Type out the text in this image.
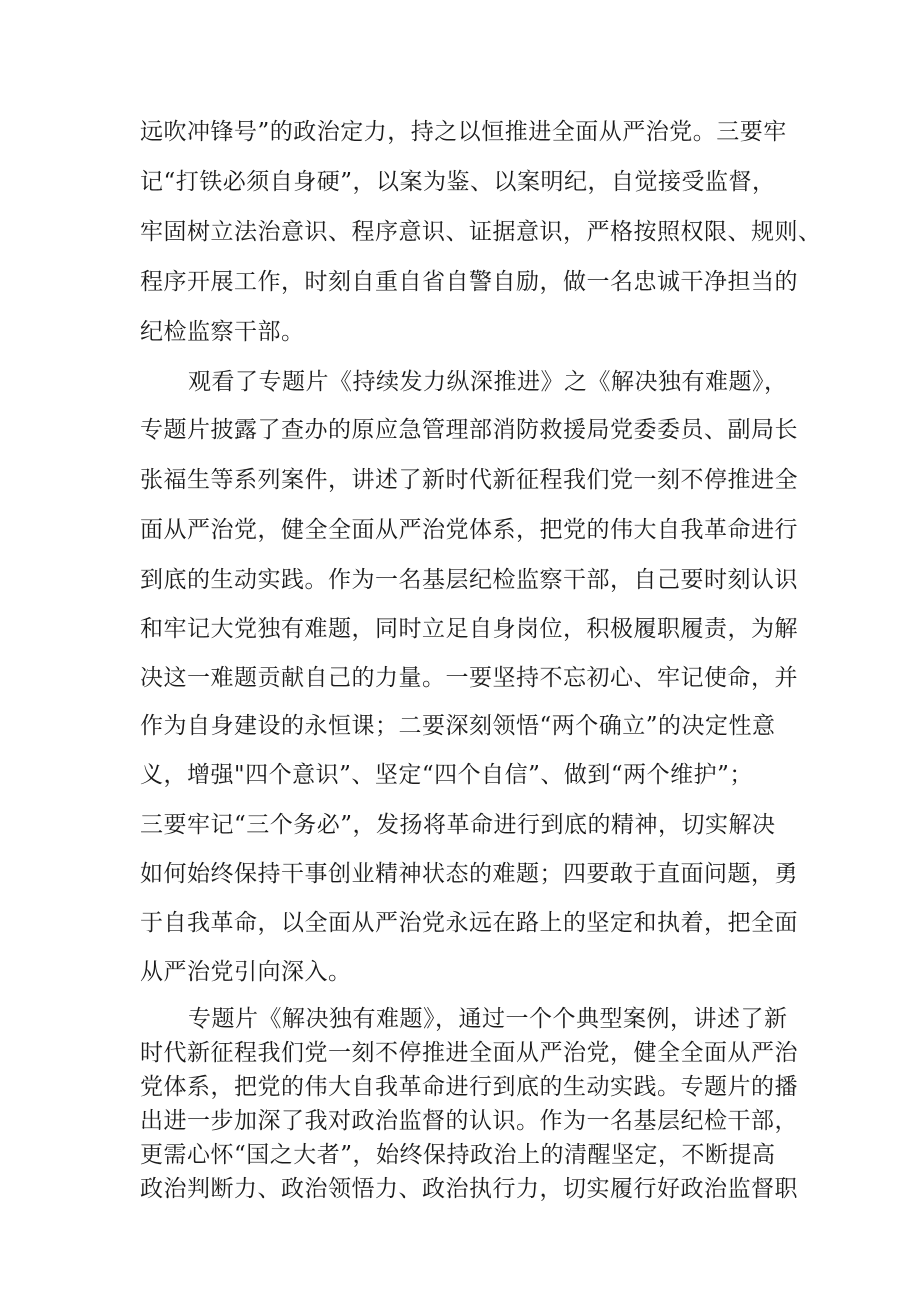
远吹冲锋号”的政治定力，持之以恒推进全面从严治党。三要牢
记“打铁必须自身硬”，以案为鉴、以案明纪，自觉接受监督，
牢固树立法治意识、程序意识、证据意识，严格按照权限、规则、
程序开展工作，时刻自重自省自警自励，做一名忠诚干净担当的
纪检监察干部。
观看了专题片《持续发力纵深推进》之《解决独有难题》，
专题片披露了查办的原应急管理部消防救援局党委委员、副局长
张福生等系列案件，讲述了新时代新征程我们党一刻不停推进全
面从严治党，健全全面从严治党体系，把党的伟大自我革命进行
到底的生动实践。作为一名基层纪检监察干部，自己要时刻认识
和牢记大党独有难题，同时立足自身岗位，积极履职履责，为解
决这一难题贡献自己的力量。一要坚持不忘初心、牢记使命，并
作为自身建设的永恒课；二要深刻领悟“两个确立”的决定性意
义，增强"四个意识”、坚定“四个自信”、做到“两个维护”；
三要牢记“三个务必”，发扬将革命进行到底的精神，切实解决
如何始终保持干事创业精神状态的难题；四要敢于直面问题，勇
于自我革命，以全面从严治党永远在路上的坚定和执着，把全面
从严治党引向深入。
专题片《解决独有难题》，通过一个个典型案例，讲述了新
时代新征程我们党一刻不停推进全面从严治党，健全全面从严治
党体系，把党的伟大自我革命进行到底的生动实践。专题片的播
出进一步加深了我对政治监督的认识。作为一名基层纪检干部，
更需心怀“国之大者”，始终保持政治上的清醒坚定，不断提高
政治判断力、政治领悟力、政治执行力，切实履行好政治监督职
